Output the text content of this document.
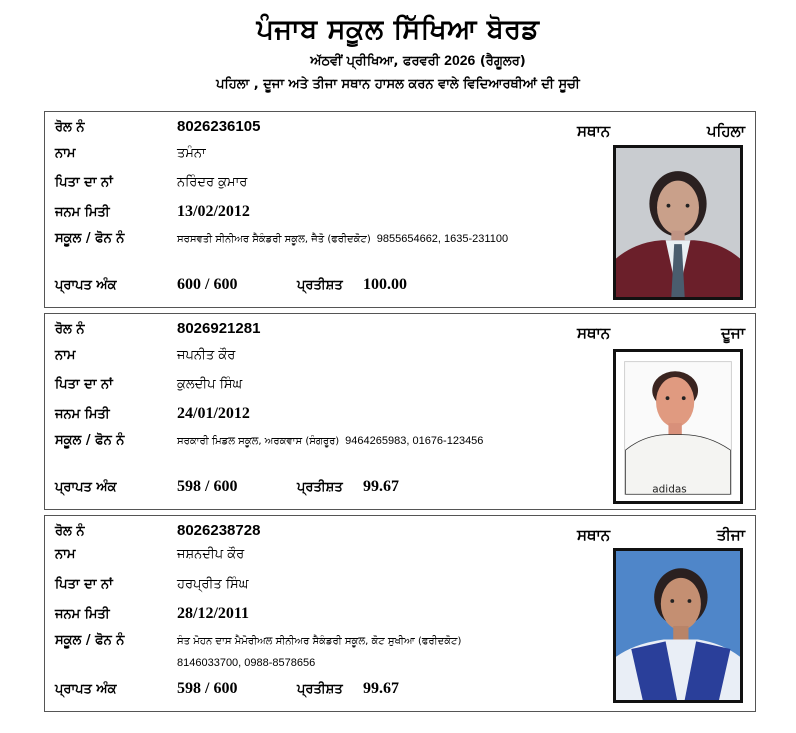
ਪੰਜਾਬ ਸਕੂਲ ਸਿੱਖਿਆ ਬੋਰਡ
ਅੱਠਵੀਂ ਪ੍ਰੀਖਿਆ, ਫਰਵਰੀ 2026 (ਰੈਗੂਲਰ)
ਪਹਿਲਾ , ਦੂਜਾ ਅਤੇ ਤੀਜਾ ਸਥਾਨ ਹਾਸਲ ਕਰਨ ਵਾਲੇ ਵਿਦਿਆਰਥੀਆਂ ਦੀ ਸੂਚੀ
ਰੋਲ ਨੰ	8026236105
ਨਾਮ	ਤਮੰਨਾ
ਪਿਤਾ ਦਾ ਨਾਂ	ਨਰਿੰਦਰ ਕੁਮਾਰ
ਜਨਮ ਮਿਤੀ	13/02/2012
ਸਕੂਲ / ਫੋਨ ਨੰ	ਸਰਸਵਤੀ ਸੀਨੀਅਰ ਸੈਕੰਡਰੀ ਸਕੂਲ, ਜੈਤੋ (ਫਰੀਦਕੋਟ) 9855654662, 1635-231100
ਪ੍ਰਾਪਤ ਅੰਕ	600 / 600	ਪ੍ਰਤੀਸ਼ਤ	100.00
ਸਥਾਨ	ਪਹਿਲਾ
ਰੋਲ ਨੰ	8026921281
ਨਾਮ	ਜਪਨੀਤ ਕੌਰ
ਪਿਤਾ ਦਾ ਨਾਂ	ਕੁਲਦੀਪ ਸਿੰਘ
ਜਨਮ ਮਿਤੀ	24/01/2012
ਸਕੂਲ / ਫੋਨ ਨੰ	ਸਰਕਾਰੀ ਮਿਡਲ ਸਕੂਲ, ਅਰਕਵਾਸ (ਸੰਗਰੂਰ) 9464265983, 01676-123456
ਪ੍ਰਾਪਤ ਅੰਕ	598 / 600	ਪ੍ਰਤੀਸ਼ਤ	99.67
ਸਥਾਨ	ਦੂਜਾ
adidas
ਰੋਲ ਨੰ	8026238728
ਨਾਮ	ਜਸ਼ਨਦੀਪ ਕੌਰ
ਪਿਤਾ ਦਾ ਨਾਂ	ਹਰਪ੍ਰੀਤ ਸਿੰਘ
ਜਨਮ ਮਿਤੀ	28/12/2011
ਸਕੂਲ / ਫੋਨ ਨੰ	ਸੰਤ ਮੋਹਨ ਦਾਸ ਮੈਮੋਰੀਅਲ ਸੀਨੀਅਰ ਸੈਕੰਡਰੀ ਸਕੂਲ, ਕੋਟ ਸੁਖੀਆ (ਫਰੀਦਕੋਟ)
8146033700, 0988-8578656
ਪ੍ਰਾਪਤ ਅੰਕ	598 / 600	ਪ੍ਰਤੀਸ਼ਤ	99.67
ਸਥਾਨ	ਤੀਜਾ
